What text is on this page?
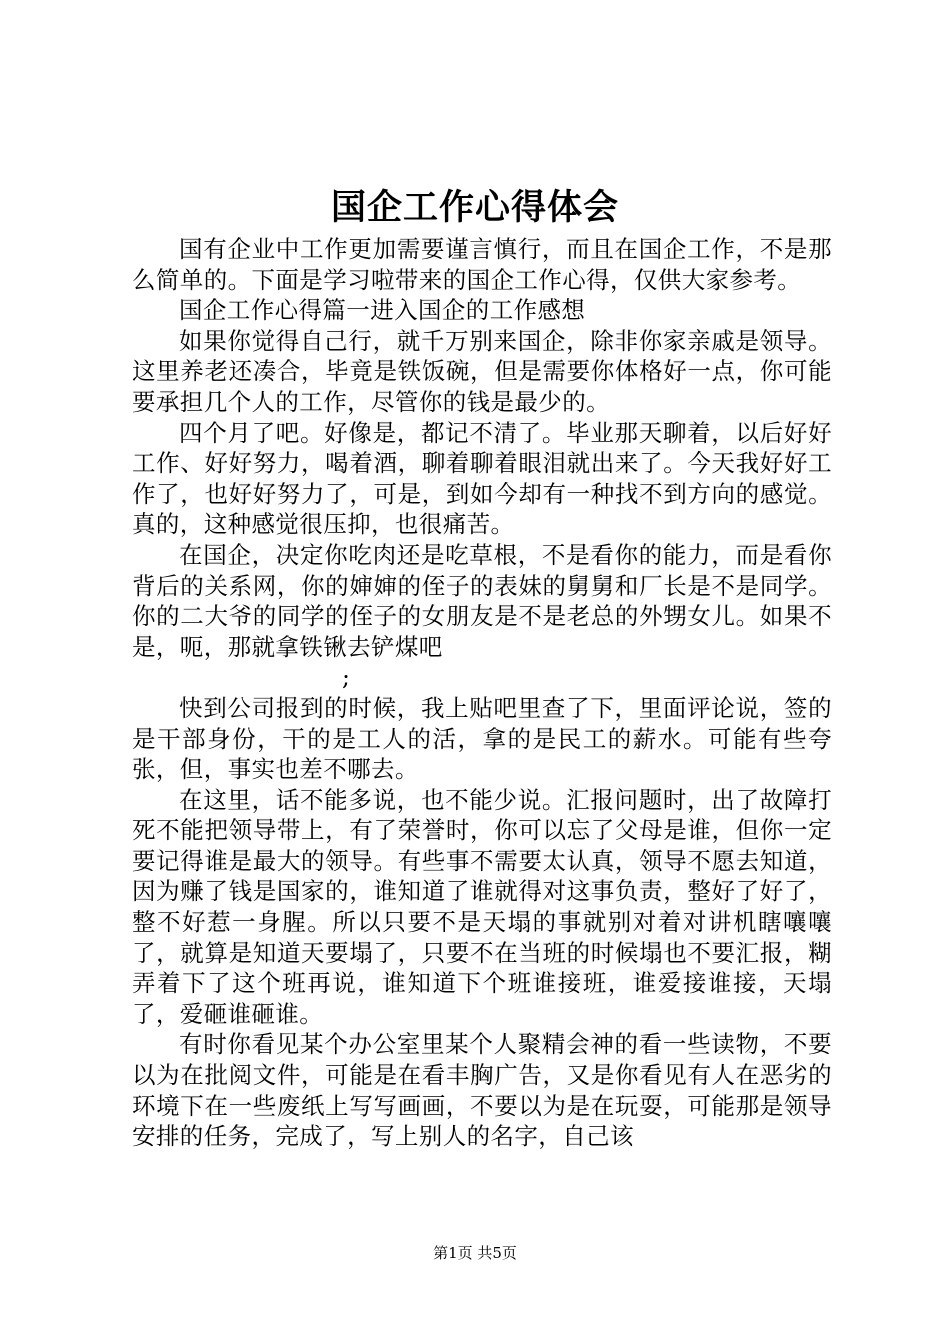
国企工作心得体会

国有企业中工作更加需要谨言慎行，而且在国企工作，不是那么简单的。下面是学习啦带来的国企工作心得，仅供大家参考。

国企工作心得篇一进入国企的工作感想

如果你觉得自己行，就千万别来国企，除非你家亲戚是领导。这里养老还凑合，毕竟是铁饭碗，但是需要你体格好一点，你可能要承担几个人的工作，尽管你的钱是最少的。

四个月了吧。好像是，都记不清了。毕业那天聊着，以后好好工作、好好努力，喝着酒，聊着聊着眼泪就出来了。今天我好好工作了，也好好努力了，可是，到如今却有一种找不到方向的感觉。真的，这种感觉很压抑，也很痛苦。

在国企，决定你吃肉还是吃草根，不是看你的能力，而是看你背后的关系网，你的婶婶的侄子的表妹的舅舅和厂长是不是同学。你的二大爷的同学的侄子的女朋友是不是老总的外甥女儿。如果不是，呃，那就拿铁锹去铲煤吧

;

快到公司报到的时候，我上贴吧里查了下，里面评论说，签的是干部身份，干的是工人的活，拿的是民工的薪水。可能有些夸张，但，事实也差不哪去。

在这里，话不能多说，也不能少说。汇报问题时，出了故障打死不能把领导带上，有了荣誉时，你可以忘了父母是谁，但你一定要记得谁是最大的领导。有些事不需要太认真，领导不愿去知道，因为赚了钱是国家的，谁知道了谁就得对这事负责，整好了好了，整不好惹一身腥。所以只要不是天塌的事就别对着对讲机瞎嚷嚷了，就算是知道天要塌了，只要不在当班的时候塌也不要汇报，糊弄着下了这个班再说，谁知道下个班谁接班，谁爱接谁接，天塌了，爱砸谁砸谁。

有时你看见某个办公室里某个人聚精会神的看一些读物，不要以为在批阅文件，可能是在看丰胸广告，又是你看见有人在恶劣的环境下在一些废纸上写写画画，不要以为是在玩耍，可能那是领导安排的任务，完成了，写上别人的名字，自己该

第1页 共5页
